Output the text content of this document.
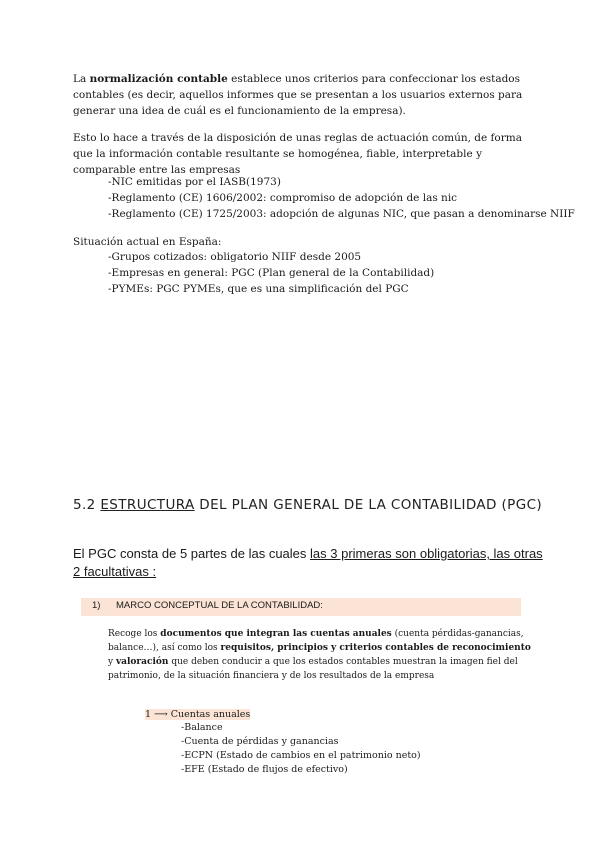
La normalización contable establece unos criterios para confeccionar los estados contables (es decir, aquellos informes que se presentan a los usuarios externos para generar una idea de cuál es el funcionamiento de la empresa).
Esto lo hace a través de la disposición de unas reglas de actuación común, de forma que la información contable resultante se homogénea, fiable, interpretable y comparable entre las empresas
-NIC emitidas por el IASB(1973)
-Reglamento (CE) 1606/2002: compromiso de adopción de las nic
-Reglamento (CE) 1725/2003: adopción de algunas NIC, que pasan a denominarse NIIF
Situación actual en España:
-Grupos cotizados: obligatorio NIIF desde 2005
-Empresas en general: PGC (Plan general de la Contabilidad)
-PYMEs: PGC PYMEs, que es una simplificación del PGC
5.2 ESTRUCTURA DEL PLAN GENERAL DE LA CONTABILIDAD (PGC)
El PGC consta de 5 partes de las cuales las 3 primeras son obligatorias, las otras 2 facultativas :
1) MARCO CONCEPTUAL DE LA CONTABILIDAD:
Recoge los documentos que integran las cuentas anuales (cuenta pérdidas-ganancias, balance…), así como los requisitos, principios y criterios contables de reconocimiento y valoración que deben conducir a que los estados contables muestran la imagen fiel del patrimonio, de la situación financiera y de los resultados de la empresa
1 ⟶ Cuentas anuales
-Balance
-Cuenta de pérdidas y ganancias
-ECPN (Estado de cambios en el patrimonio neto)
-EFE (Estado de flujos de efectivo)
